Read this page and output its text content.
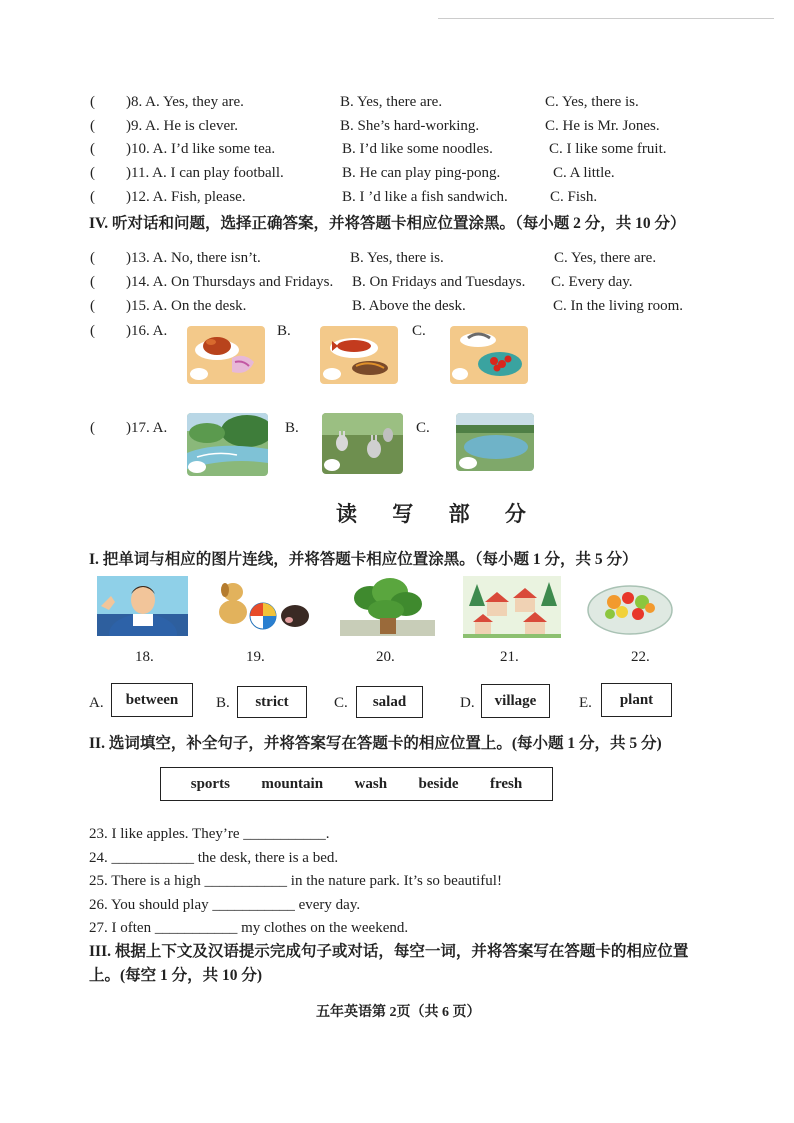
( )8. A. Yes, they are.	B. Yes, there are.	C. Yes, there is.
( )9. A. He is clever.	B. She’s hard-working.	C. He is Mr. Jones.
( )10. A. I’d like some tea.	B. I’d like some noodles.	C. I like some fruit.
( )11. A. I can play football.	B. He can play ping-pong.	C. A little.
( )12. A. Fish, please.	B. I ’d like a fish sandwich.	C. Fish.
IV. 听对话和问题，选择正确答案，并将答题卡相应位置涂黑。（每小题 2 分，共 10 分）
( )13. A. No, there isn’t.	B. Yes, there is.	C. Yes, there are.
( )14. A. On Thursdays and Fridays. B. On Fridays and Tuesdays. C. Every day.
( )15. A. On the desk.	B. Above the desk.	C. In the living room.
( )16. A.	B.	C.
( )17. A.	B.	C.
读 写 部 分
I. 把单词与相应的图片连线，并将答题卡相应位置涂黑。（每小题 1 分，共 5 分）
18.	19.	20.	21.	22.
A. between	B. strict	C. salad	D. village	E. plant
II. 选词填空，补全句子，并将答案写在答题卡的相应位置上。(每小题 1 分，共 5 分)
sports mountain wash beside fresh
23. I like apples. They’re ___________.
24. ___________ the desk, there is a bed.
25. There is a high ___________ in the nature park. It’s so beautiful!
26. You should play ___________ every day.
27. I often ___________ my clothes on the weekend.
III. 根据上下文及汉语提示完成句子或对话，每空一词，并将答案写在答题卡的相应位置
上。(每空 1 分，共 10 分)
五年英语第 2页（共 6 页）
